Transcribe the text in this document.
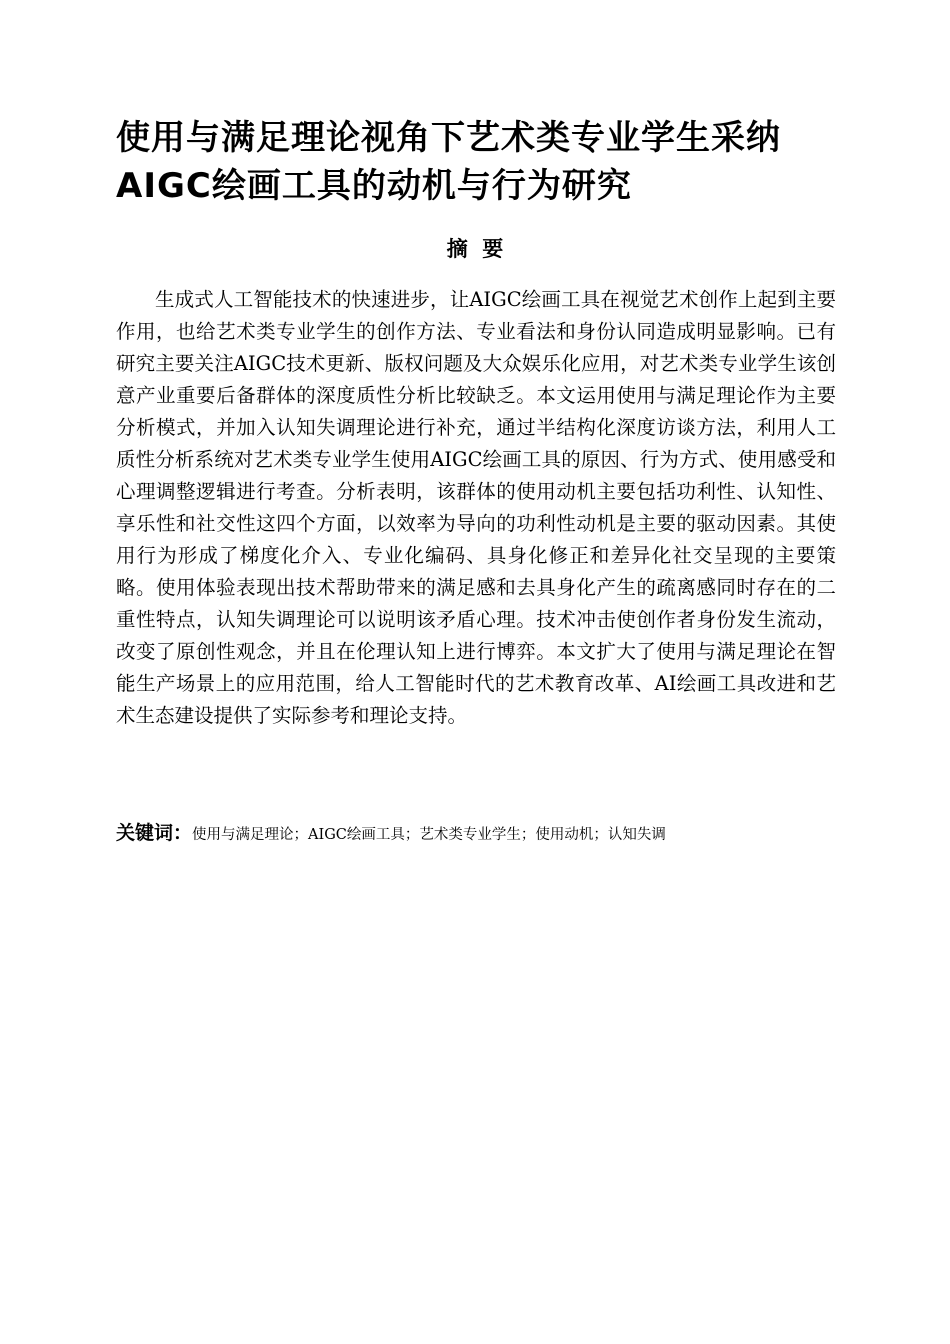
使用与满足理论视角下艺术类专业学生采纳
AIGC绘画工具的动机与行为研究
摘  要

生成式人工智能技术的快速进步，让AIGC绘画工具在视觉艺术创作上起到主要作用，也给艺术类专业学生的创作方法、专业看法和身份认同造成明显影响。已有研究主要关注AIGC技术更新、版权问题及大众娱乐化应用，对艺术类专业学生该创意产业重要后备群体的深度质性分析比较缺乏。本文运用使用与满足理论作为主要分析模式，并加入认知失调理论进行补充，通过半结构化深度访谈方法，利用人工质性分析系统对艺术类专业学生使用AIGC绘画工具的原因、行为方式、使用感受和心理调整逻辑进行考查。分析表明，该群体的使用动机主要包括功利性、认知性、享乐性和社交性这四个方面，以效率为导向的功利性动机是主要的驱动因素。其使用行为形成了梯度化介入、专业化编码、具身化修正和差异化社交呈现的主要策略。使用体验表现出技术帮助带来的满足感和去具身化产生的疏离感同时存在的二重性特点，认知失调理论可以说明该矛盾心理。技术冲击使创作者身份发生流动，改变了原创性观念，并且在伦理认知上进行博弈。本文扩大了使用与满足理论在智能生产场景上的应用范围，给人工智能时代的艺术教育改革、AI绘画工具改进和艺术生态建设提供了实际参考和理论支持。

关键词：使用与满足理论；AIGC绘画工具；艺术类专业学生；使用动机；认知失调
